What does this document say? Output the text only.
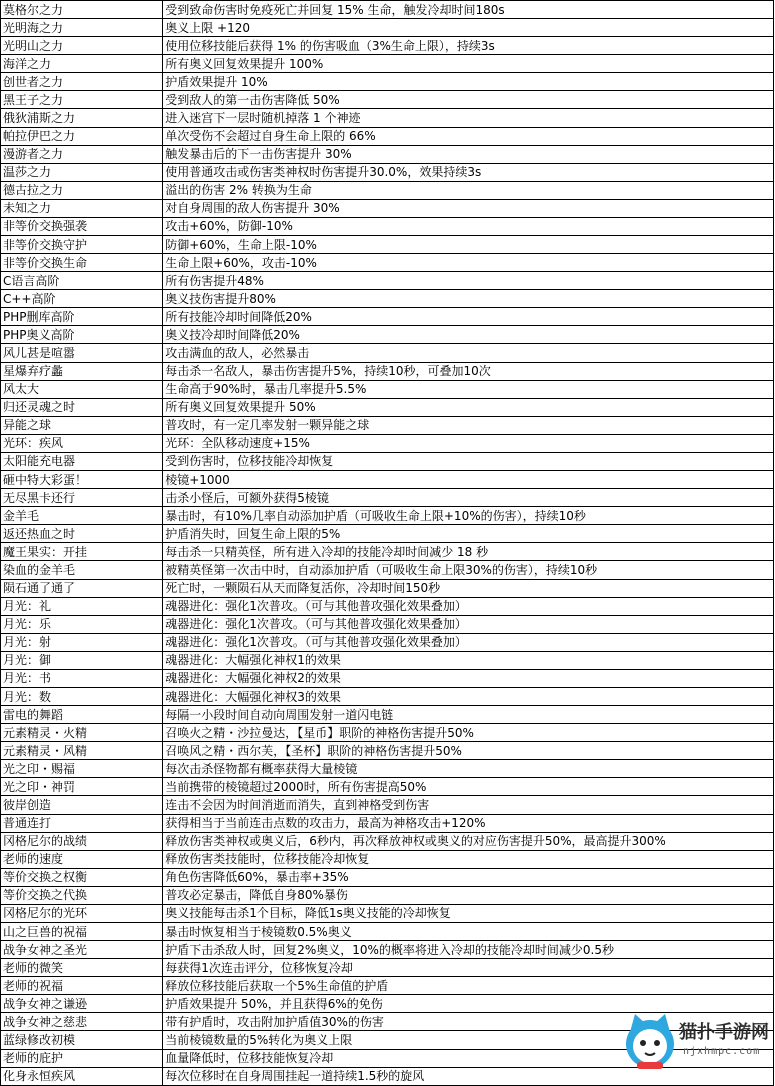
莫格尔之力	受到致命伤害时免疫死亡并回复 15% 生命，触发冷却时间180s
光明海之力	奥义上限 +120
光明山之力	使用位移技能后获得 1% 的伤害吸血（3%生命上限），持续3s
海洋之力	所有奥义回复效果提升 100%
创世者之力	护盾效果提升 10%
黑王子之力	受到敌人的第一击伤害降低 50%
俄狄浦斯之力	进入迷宫下一层时随机掉落 1 个神迹
帕拉伊巴之力	单次受伤不会超过自身生命上限的 66%
漫游者之力	触发暴击后的下一击伤害提升 30%
温莎之力	使用普通攻击或伤害类神权时伤害提升30.0%，效果持续3s
德古拉之力	溢出的伤害 2% 转换为生命
未知之力	对自身周围的敌人伤害提升 30%
非等价交换强袭	攻击+60%，防御-10%
非等价交换守护	防御+60%，生命上限-10%
非等价交换生命	生命上限+60%，攻击-10%
C语言高阶	所有伤害提升48%
C++高阶	奥义技伤害提升80%
PHP删库高阶	所有技能冷却时间降低20%
PHP奥义高阶	奥义技冷却时间降低20%
风儿甚是喧嚣	攻击满血的敌人，必然暴击
星爆弃疗蠡	每击杀一名敌人，暴击伤害提升5%，持续10秒，可叠加10次
风太大	生命高于90%时，暴击几率提升5.5%
归还灵魂之时	所有奥义回复效果提升 50%
异能之球	普攻时，有一定几率发射一颗异能之球
光环：疾风	光环：全队移动速度+15%
太阳能充电器	受到伤害时，位移技能冷却恢复
砸中特大彩蛋！	棱镜+1000
无尽黑卡还行	击杀小怪后，可额外获得5棱镜
金羊毛	暴击时，有10%几率自动添加护盾（可吸收生命上限+10%的伤害），持续10秒
返还热血之时	护盾消失时，回复生命上限的5%
魔王果实：开挂	每击杀一只精英怪，所有进入冷却的技能冷却时间减少 18 秒
染血的金羊毛	被精英怪第一次击中时，自动添加护盾（可吸收生命上限30%的伤害），持续10秒
陨石通了通了	死亡时，一颗陨石从天而降复活你，冷却时间150秒
月光：礼	魂器进化：强化1次普攻。（可与其他普攻强化效果叠加）
月光：乐	魂器进化：强化1次普攻。（可与其他普攻强化效果叠加）
月光：射	魂器进化：强化1次普攻。（可与其他普攻强化效果叠加）
月光：御	魂器进化：大幅强化神权1的效果
月光：书	魂器进化：大幅强化神权2的效果
月光：数	魂器进化：大幅强化神权3的效果
雷电的舞蹈	每隔一小段时间自动向周围发射一道闪电链
元素精灵・火精	召唤火之精・沙拉曼达，【星币】职阶的神格伤害提升50%
元素精灵・风精	召唤风之精・西尔芙，【圣杯】职阶的神格伤害提升50%
光之印・赐福	每次击杀怪物都有概率获得大量棱镜
光之印・神罚	当前携带的棱镜超过2000时，所有伤害提高50%
彼岸创造	连击不会因为时间消逝而消失，直到神格受到伤害
普通连打	获得相当于当前连击点数的攻击力，最高为神格攻击+120%
冈格尼尔的战绩	释放伤害类神权或奥义后，6秒内，再次释放神权或奥义的对应伤害提升50%，最高提升300%
老师的速度	释放伤害类技能时，位移技能冷却恢复
等价交换之权衡	角色伤害降低60%，暴击率+35%
等价交换之代换	普攻必定暴击，降低自身80%暴伤
冈格尼尔的光环	奥义技能每击杀1个目标，降低1s奥义技能的冷却恢复
山之巨兽的祝福	暴击时恢复相当于棱镜数0.5%奥义
战争女神之圣光	护盾下击杀敌人时，回复2%奥义，10%的概率将进入冷却的技能冷却时间减少0.5秒
老师的微笑	每获得1次连击评分，位移恢复冷却
老师的祝福	释放位移技能后获取一个5%生命值的护盾
战争女神之谦逊	护盾效果提升 50%，并且获得6%的免伤
战争女神之慈悲	带有护盾时，攻击附加护盾值30%的伤害
蓝绿修改初模	当前棱镜数量的5%转化为奥义上限
老师的庇护	血量降低时，位移技能恢复冷却
化身永恒疾风	每次位移时在自身周围挂起一道持续1.5秒的旋风
猫扑手游网
njxhmpc.com
